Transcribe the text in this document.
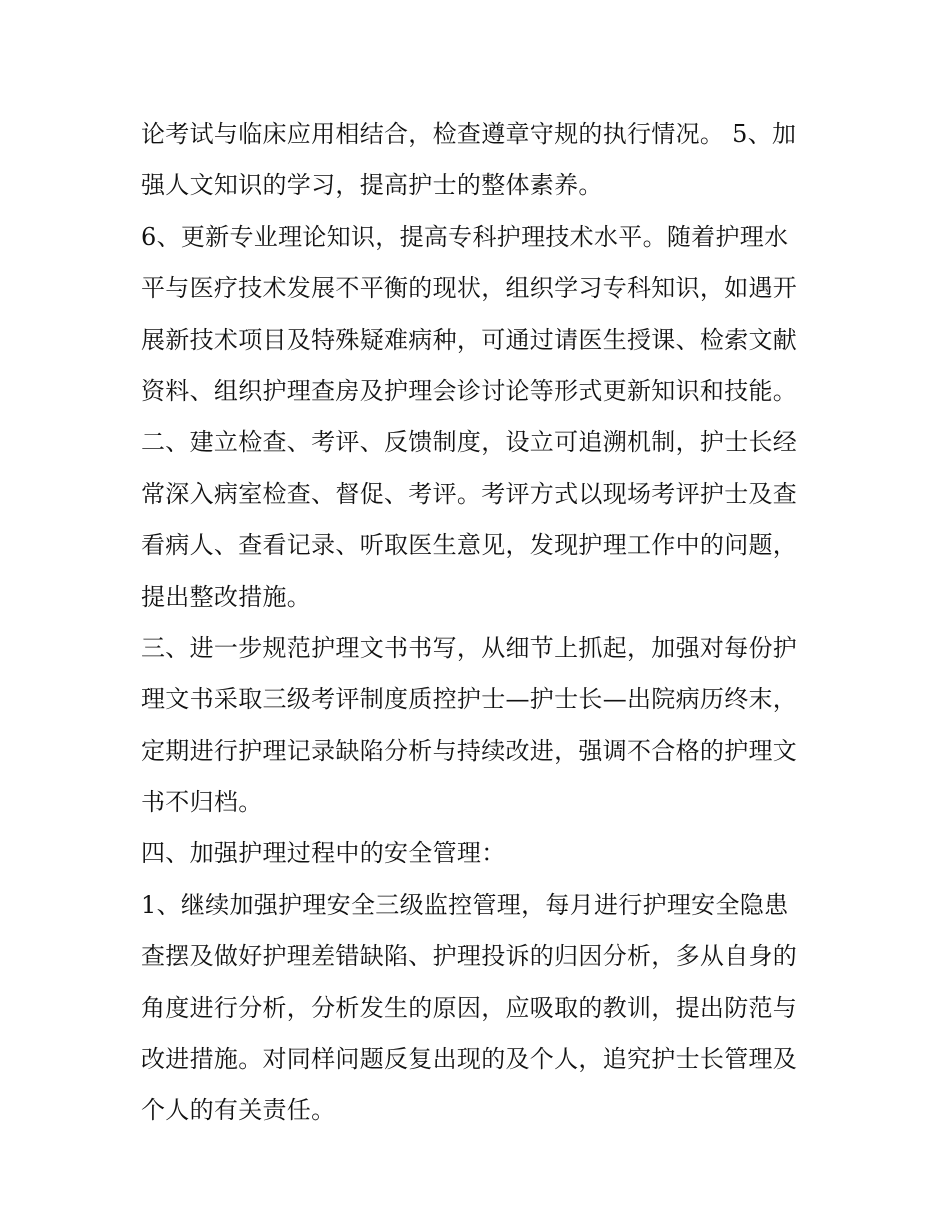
论考试与临床应用相结合，检查遵章守规的执行情况。 5、加
强人文知识的学习，提高护士的整体素养。
6、更新专业理论知识，提高专科护理技术水平。随着护理水
平与医疗技术发展不平衡的现状，组织学习专科知识，如遇开
展新技术项目及特殊疑难病种，可通过请医生授课、检索文献
资料、组织护理查房及护理会诊讨论等形式更新知识和技能。
二、建立检查、考评、反馈制度，设立可追溯机制，护士长经
常深入病室检查、督促、考评。考评方式以现场考评护士及查
看病人、查看记录、听取医生意见，发现护理工作中的问题，
提出整改措施。
三、进一步规范护理文书书写，从细节上抓起，加强对每份护
理文书采取三级考评制度质控护士—护士长—出院病历终末，
定期进行护理记录缺陷分析与持续改进，强调不合格的护理文
书不归档。
四、加强护理过程中的安全管理：
1、继续加强护理安全三级监控管理，每月进行护理安全隐患
查摆及做好护理差错缺陷、护理投诉的归因分析，多从自身的
角度进行分析，分析发生的原因，应吸取的教训，提出防范与
改进措施。对同样问题反复出现的及个人，追究护士长管理及
个人的有关责任。
